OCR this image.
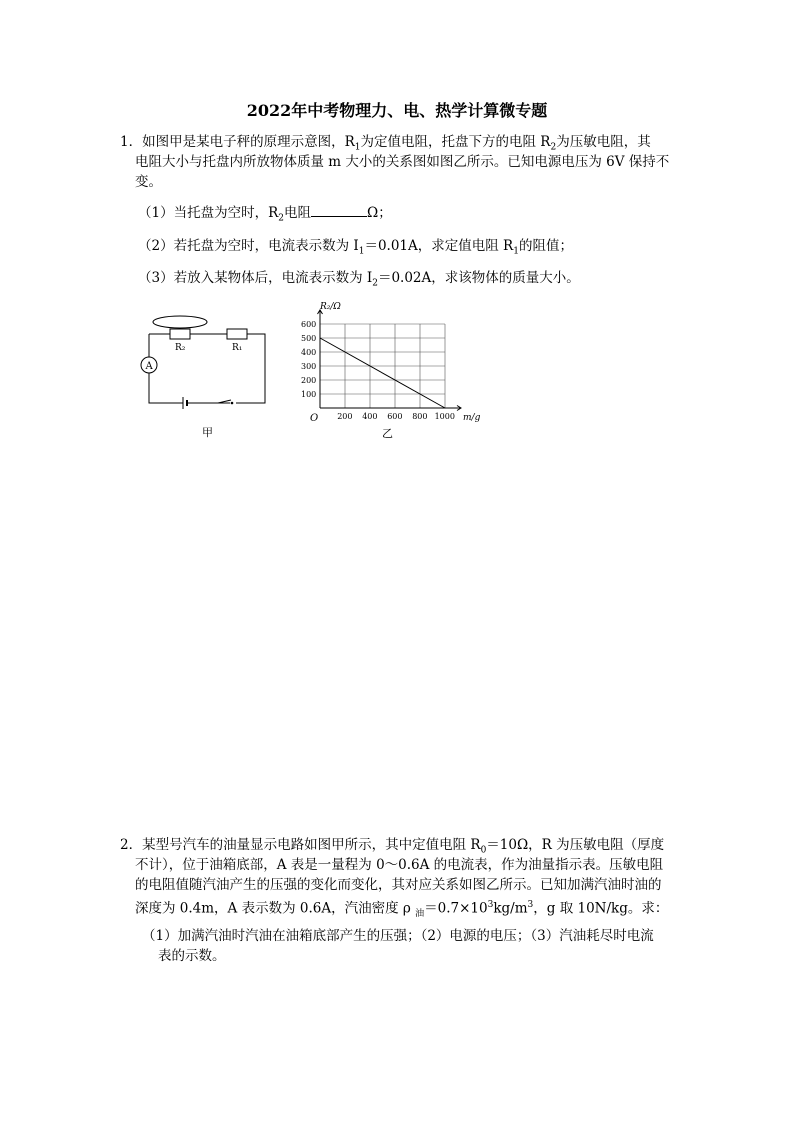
2022年中考物理力、电、热学计算微专题
1．如图甲是某电子秤的原理示意图，$R_1$为定值电阻，托盘下方的电阻 $R_2$为压敏电阻，其
电阻大小与托盘内所放物体质量 m 大小的关系图如图乙所示。已知电源电压为 6V 保持不
变。
（1）当托盘为空时，$R_2$电阻	Ω；
（2）若托盘为空时，电流表示数为 $I_1=0.01A$，求定值电阻 $R_1$的阻值；
（3）若放入某物体后，电流表示数为 $I_2=0.02A$，求该物体的质量大小。
R₂	R₁
A
甲
200 400 600 800 1000
100
200
300
400
500
600
R₂/Ω
O	m/g
乙
2．某型号汽车的油量显示电路如图甲所示，其中定值电阻 $R_0=10\Omega$，R 为压敏电阻（厚度
不计），位于油箱底部，A 表是一量程为 0～0.6A 的电流表，作为油量指示表。压敏电阻
的电阻值随汽油产生的压强的变化而变化，其对应关系如图乙所示。已知加满汽油时油的
深度为 0.4m，A 表示数为 0.6A，汽油密度 ρ $_油=0.7\times 10^3kg/m^3$，g 取 10N/kg。求：
（1）加满汽油时汽油在油箱底部产生的压强；（2）电源的电压；（3）汽油耗尽时电流
表的示数。
